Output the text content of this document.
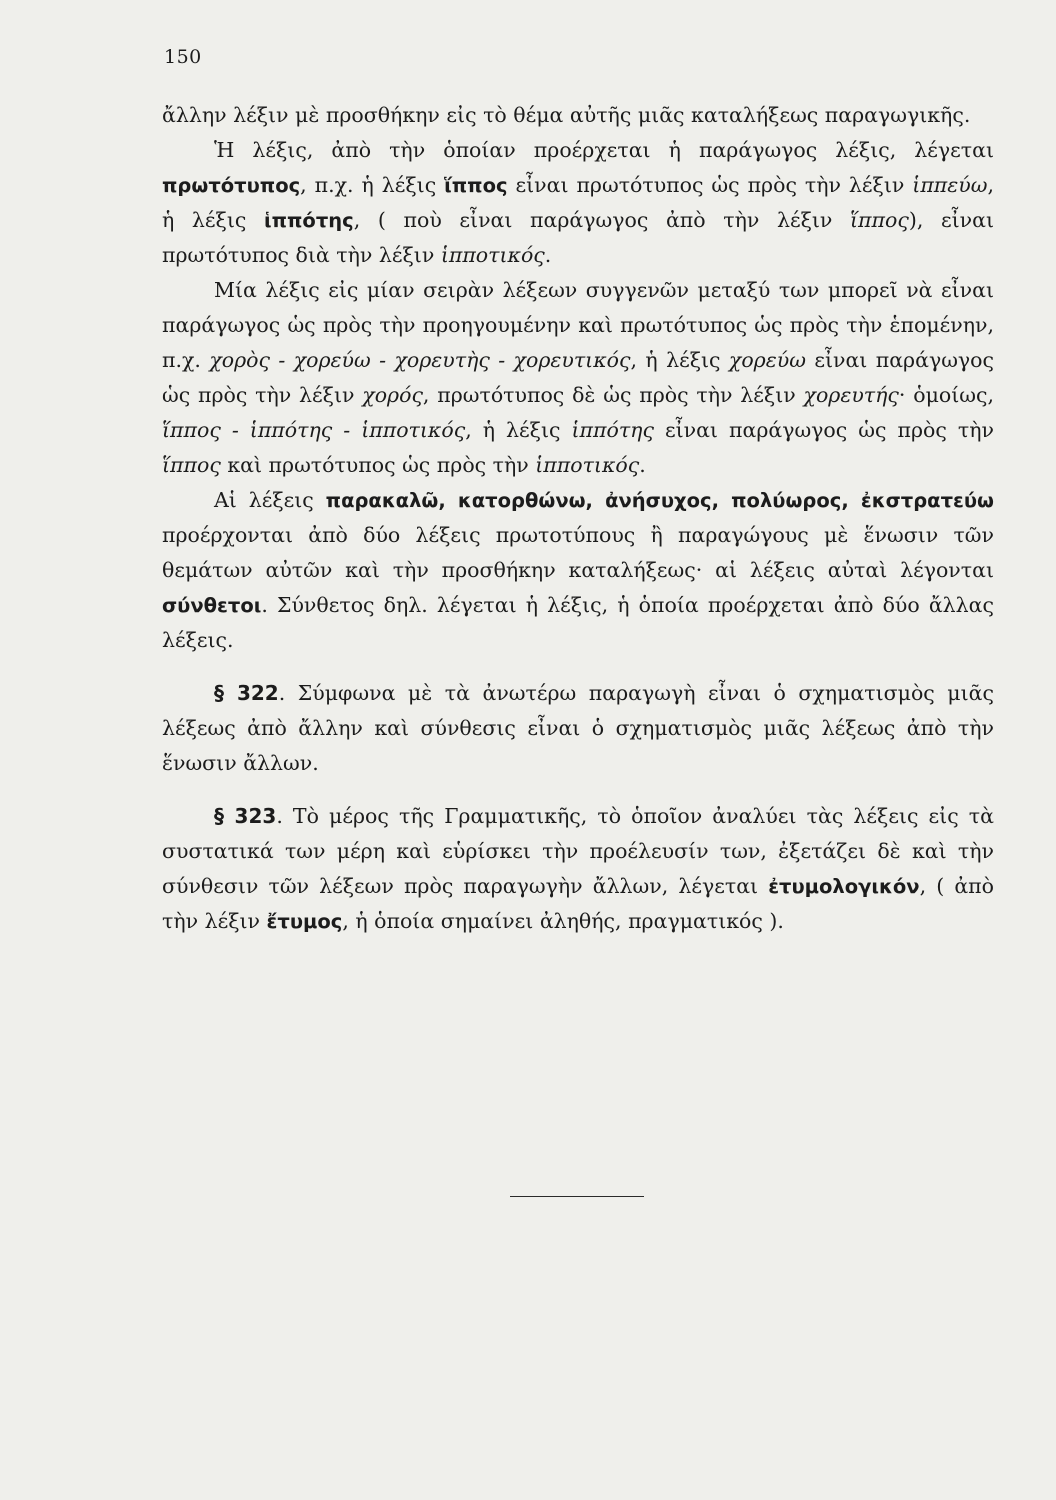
150

ἄλλην λέξιν μὲ προσθήκην εἰς τὸ θέμα αὐτῆς μιᾶς καταλήξεως παραγωγικῆς.

Ἡ λέξις, ἀπὸ τὴν ὁποίαν προέρχεται ἡ παράγωγος λέξις, λέγεται πρωτότυπος, π.χ. ἡ λέξις ἵππος εἶναι πρωτότυπος ὡς πρὸς τὴν λέξιν ἱππεύω, ἡ λέξις ἱππότης, ( ποὺ εἶναι παράγωγος ἀπὸ τὴν λέξιν ἵππος), εἶναι πρωτότυπος διὰ τὴν λέξιν ἱππoτικός.

Μία λέξις εἰς μίαν σειρὰν λέξεων συγγενῶν μεταξύ των μπορεῖ νὰ εἶναι παράγωγος ὡς πρὸς τὴν προηγουμένην καὶ πρωτότυπος ὡς πρὸς τὴν ἑπομένην, π.χ. χορὸς - χορεύω - χορευτὴς - χορευτικός, ἡ λέξις χορεύω εἶναι παράγωγος ὡς πρὸς τὴν λέξιν χορός, πρωτότυπος δὲ ὡς πρὸς τὴν λέξιν χορευτής· ὁμοίως, ἵππος - ἱππότης - ἱππoτικός, ἡ λέξις ἱππότης εἶναι παράγωγος ὡς πρὸς τὴν ἵππος καὶ πρωτότυπος ὡς πρὸς τὴν ἱππoτικός.

Αἱ λέξεις παρακαλῶ, κατορθώνω, ἀνήσυχος, πολύωρος, ἐκστρατεύω προέρχονται ἀπὸ δύο λέξεις πρωτοτύπους ἢ παραγώγους μὲ ἕνωσιν τῶν θεμάτων αὐτῶν καὶ τὴν προσθήκην καταλήξεως· αἱ λέξεις αὐταὶ λέγονται σύνθετοι. Σύνθετος δηλ. λέγεται ἡ λέξις, ἡ ὁποία προέρχεται ἀπὸ δύο ἄλλας λέξεις.

§ 322. Σύμφωνα μὲ τὰ ἀνωτέρω παραγωγὴ εἶναι ὁ σχηματισμὸς μιᾶς λέξεως ἀπὸ ἄλλην καὶ σύνθεσις εἶναι ὁ σχηματισμὸς μιᾶς λέξεως ἀπὸ τὴν ἕνωσιν ἄλλων.

§ 323. Τὸ μέρος τῆς Γραμματικῆς, τὸ ὁποῖον ἀναλύει τὰς λέξεις εἰς τὰ συστατικά των μέρη καὶ εὑρίσκει τὴν προέλευσίν των, ἐξετάζει δὲ καὶ τὴν σύνθεσιν τῶν λέξεων πρὸς παραγωγὴν ἄλλων, λέγεται ἐτυμολογικόν, ( ἀπὸ τὴν λέξιν ἔτυμος, ἡ ὁποία σημαίνει ἀληθής, πραγματικός ).
